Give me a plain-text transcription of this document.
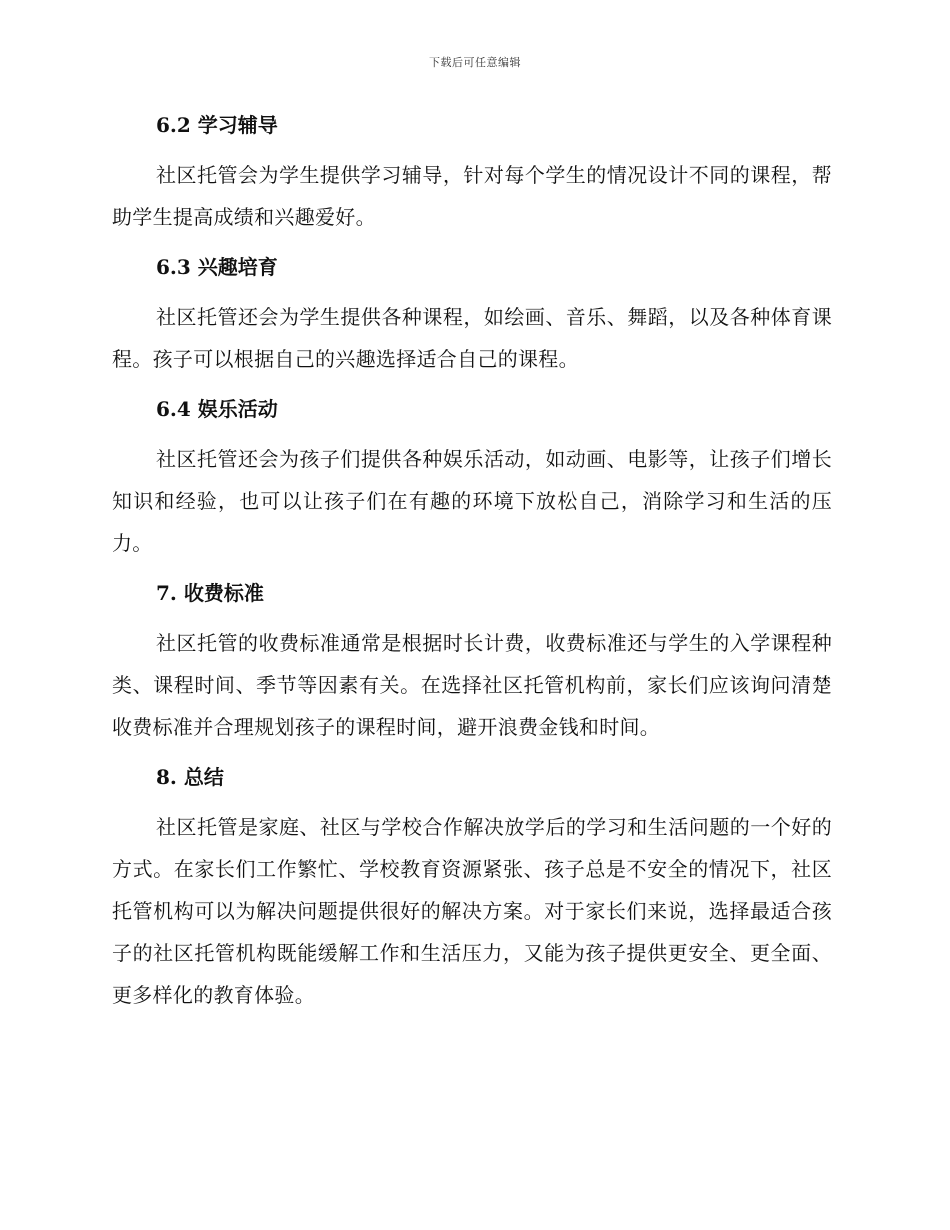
下载后可任意编辑
6.2 学习辅导

社区托管会为学生提供学习辅导，针对每个学生的情况设计不同的课程，帮助学生提高成绩和兴趣爱好。

6.3 兴趣培育

社区托管还会为学生提供各种课程，如绘画、音乐、舞蹈，以及各种体育课程。孩子可以根据自己的兴趣选择适合自己的课程。

6.4 娱乐活动

社区托管还会为孩子们提供各种娱乐活动，如动画、电影等，让孩子们增长知识和经验，也可以让孩子们在有趣的环境下放松自己，消除学习和生活的压力。

7. 收费标准

社区托管的收费标准通常是根据时长计费，收费标准还与学生的入学课程种类、课程时间、季节等因素有关。在选择社区托管机构前，家长们应该询问清楚收费标准并合理规划孩子的课程时间，避开浪费金钱和时间。

8. 总结

社区托管是家庭、社区与学校合作解决放学后的学习和生活问题的一个好的方式。在家长们工作繁忙、学校教育资源紧张、孩子总是不安全的情况下，社区托管机构可以为解决问题提供很好的解决方案。对于家长们来说，选择最适合孩子的社区托管机构既能缓解工作和生活压力，又能为孩子提供更安全、更全面、更多样化的教育体验。
